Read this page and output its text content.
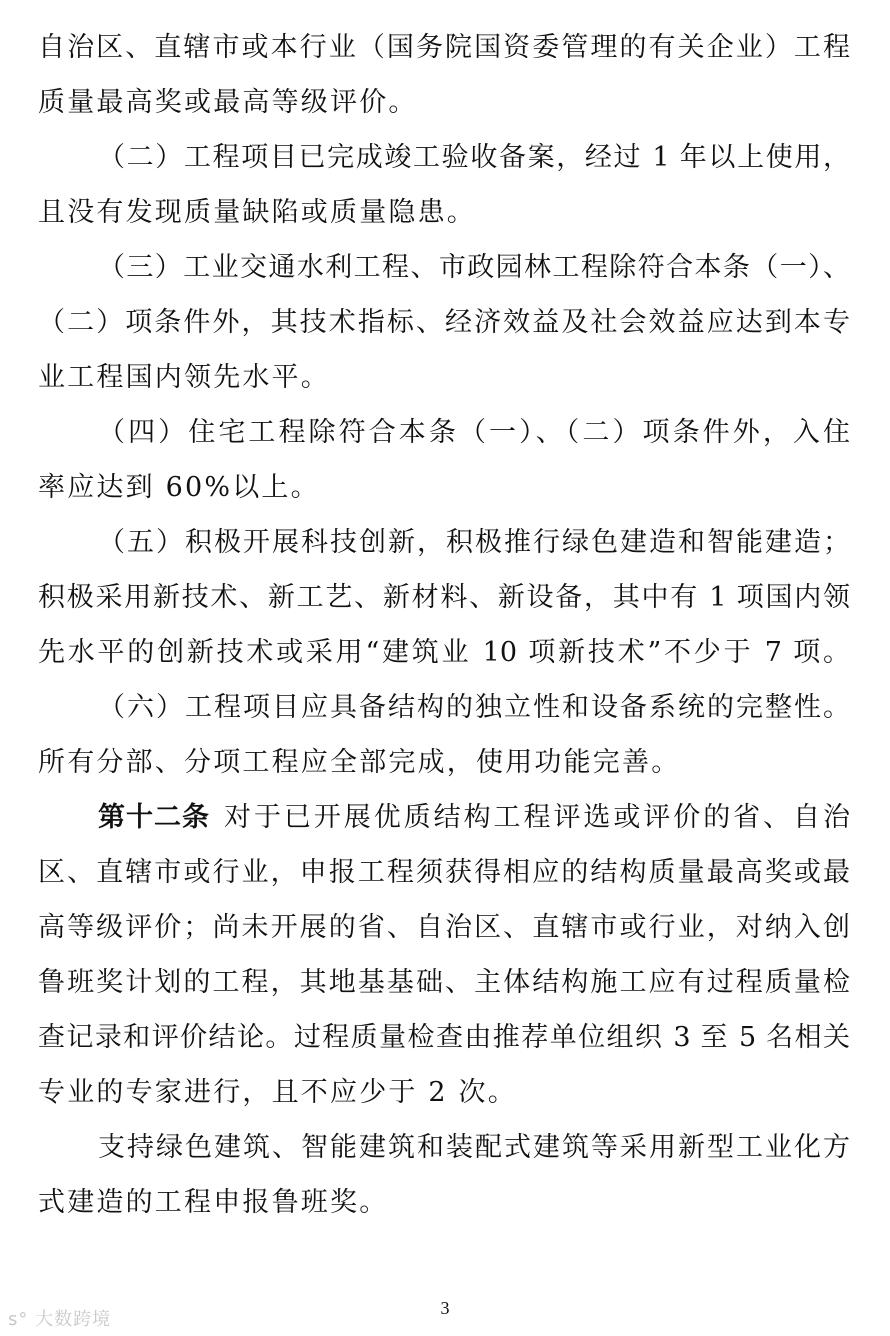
自治区、直辖市或本行业（国务院国资委管理的有关企业）工程
质量最高奖或最高等级评价。
（二）工程项目已完成竣工验收备案，经过 1 年以上使用，
且没有发现质量缺陷或质量隐患。
（三）工业交通水利工程、市政园林工程除符合本条（一）、
（二）项条件外，其技术指标、经济效益及社会效益应达到本专
业工程国内领先水平。
（四）住宅工程除符合本条（一）、（二）项条件外，入住
率应达到 60%以上。
（五）积极开展科技创新，积极推行绿色建造和智能建造；
积极采用新技术、新工艺、新材料、新设备，其中有 1 项国内领
先水平的创新技术或采用“建筑业 10 项新技术”不少于 7 项。
（六）工程项目应具备结构的独立性和设备系统的完整性。
所有分部、分项工程应全部完成，使用功能完善。
第十二条 对于已开展优质结构工程评选或评价的省、自治
区、直辖市或行业，申报工程须获得相应的结构质量最高奖或最
高等级评价；尚未开展的省、自治区、直辖市或行业，对纳入创
鲁班奖计划的工程，其地基基础、主体结构施工应有过程质量检
查记录和评价结论。过程质量检查由推荐单位组织 3 至 5 名相关
专业的专家进行，且不应少于 2 次。
支持绿色建筑、智能建筑和装配式建筑等采用新型工业化方
式建造的工程申报鲁班奖。
3
ꜱ° 大数跨境
